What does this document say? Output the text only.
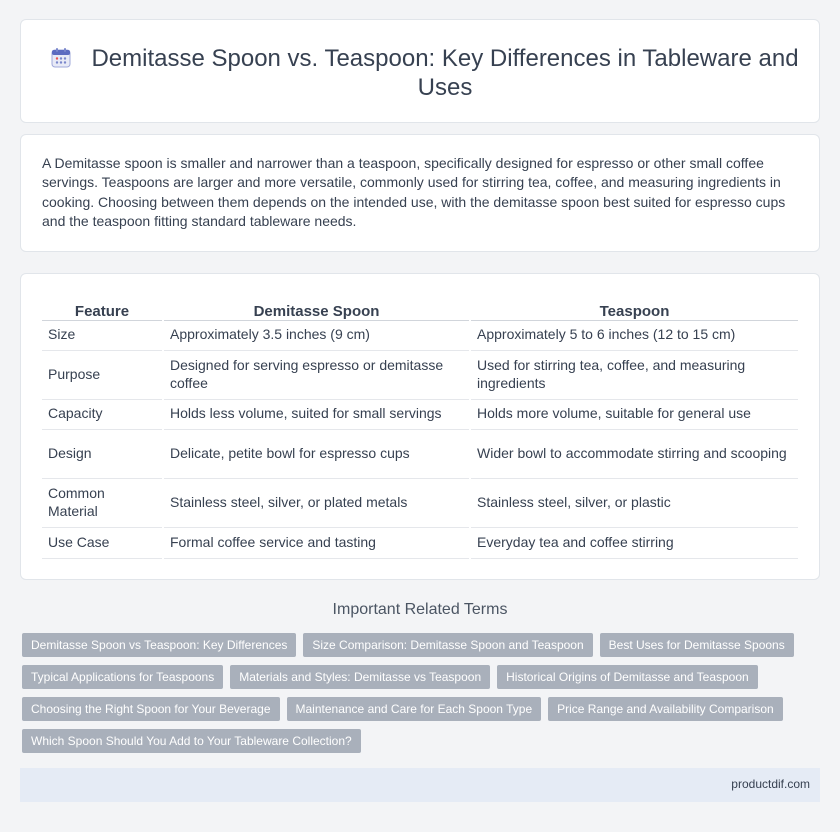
Demitasse Spoon vs. Teaspoon: Key Differences in Tableware and Uses

A Demitasse spoon is smaller and narrower than a teaspoon, specifically designed for espresso or other small coffee servings. Teaspoons are larger and more versatile, commonly used for stirring tea, coffee, and measuring ingredients in cooking. Choosing between them depends on the intended use, with the demitasse spoon best suited for espresso cups and the teaspoon fitting standard tableware needs.

Feature	Demitasse Spoon	Teaspoon
Size	Approximately 3.5 inches (9 cm)	Approximately 5 to 6 inches (12 to 15 cm)
Purpose	Designed for serving espresso or demitasse coffee	Used for stirring tea, coffee, and measuring ingredients
Capacity	Holds less volume, suited for small servings	Holds more volume, suitable for general use
Design	Delicate, petite bowl for espresso cups	Wider bowl to accommodate stirring and scooping
Common Material	Stainless steel, silver, or plated metals	Stainless steel, silver, or plastic
Use Case	Formal coffee service and tasting	Everyday tea and coffee stirring
Important Related Terms
Demitasse Spoon vs Teaspoon: Key Differences	Size Comparison: Demitasse Spoon and Teaspoon	Best Uses for Demitasse Spoons
Typical Applications for Teaspoons	Materials and Styles: Demitasse vs Teaspoon	Historical Origins of Demitasse and Teaspoon
Choosing the Right Spoon for Your Beverage	Maintenance and Care for Each Spoon Type	Price Range and Availability Comparison
Which Spoon Should You Add to Your Tableware Collection?
productdif.com
